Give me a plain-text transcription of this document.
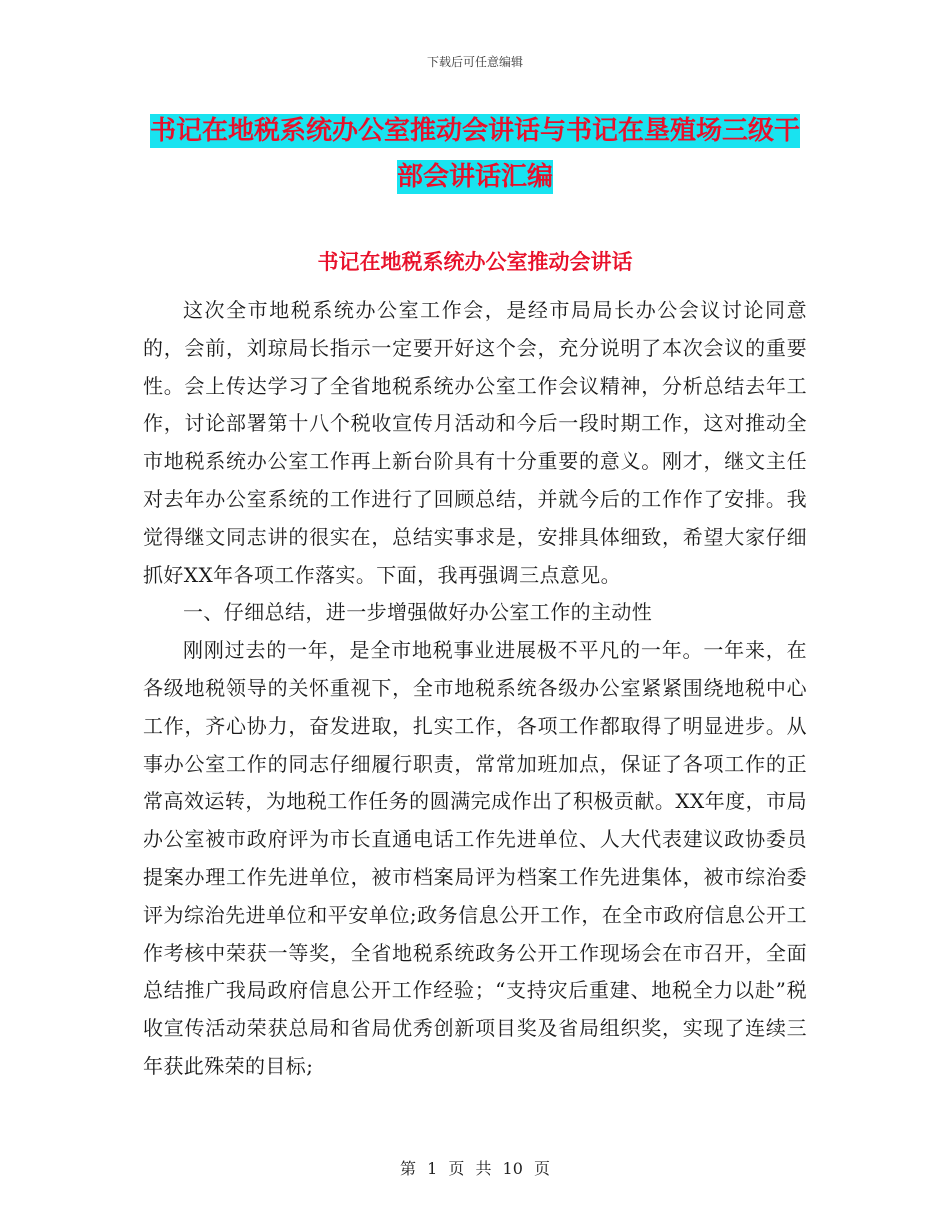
下载后可任意编辑
书记在地税系统办公室推动会讲话与书记在垦殖场三级干部会讲话汇编
书记在地税系统办公室推动会讲话

这次全市地税系统办公室工作会，是经市局局长办公会议讨论同意的，会前，刘琼局长指示一定要开好这个会，充分说明了本次会议的重要性。会上传达学习了全省地税系统办公室工作会议精神，分析总结去年工作，讨论部署第十八个税收宣传月活动和今后一段时期工作，这对推动全市地税系统办公室工作再上新台阶具有十分重要的意义。刚才，继文主任对去年办公室系统的工作进行了回顾总结，并就今后的工作作了安排。我觉得继文同志讲的很实在，总结实事求是，安排具体细致，希望大家仔细抓好XX年各项工作落实。下面，我再强调三点意见。

一、仔细总结，进一步增强做好办公室工作的主动性

刚刚过去的一年，是全市地税事业进展极不平凡的一年。一年来，在各级地税领导的关怀重视下，全市地税系统各级办公室紧紧围绕地税中心工作，齐心协力，奋发进取，扎实工作，各项工作都取得了明显进步。从事办公室工作的同志仔细履行职责，常常加班加点，保证了各项工作的正常高效运转，为地税工作任务的圆满完成作出了积极贡献。XX年度，市局办公室被市政府评为市长直通电话工作先进单位、人大代表建议政协委员提案办理工作先进单位，被市档案局评为档案工作先进集体，被市综治委评为综治先进单位和平安单位;政务信息公开工作，在全市政府信息公开工作考核中荣获一等奖，全省地税系统政务公开工作现场会在市召开，全面总结推广我局政府信息公开工作经验；“支持灾后重建、地税全力以赴”税收宣传活动荣获总局和省局优秀创新项目奖及省局组织奖，实现了连续三年获此殊荣的目标;

第 1 页 共 10 页
